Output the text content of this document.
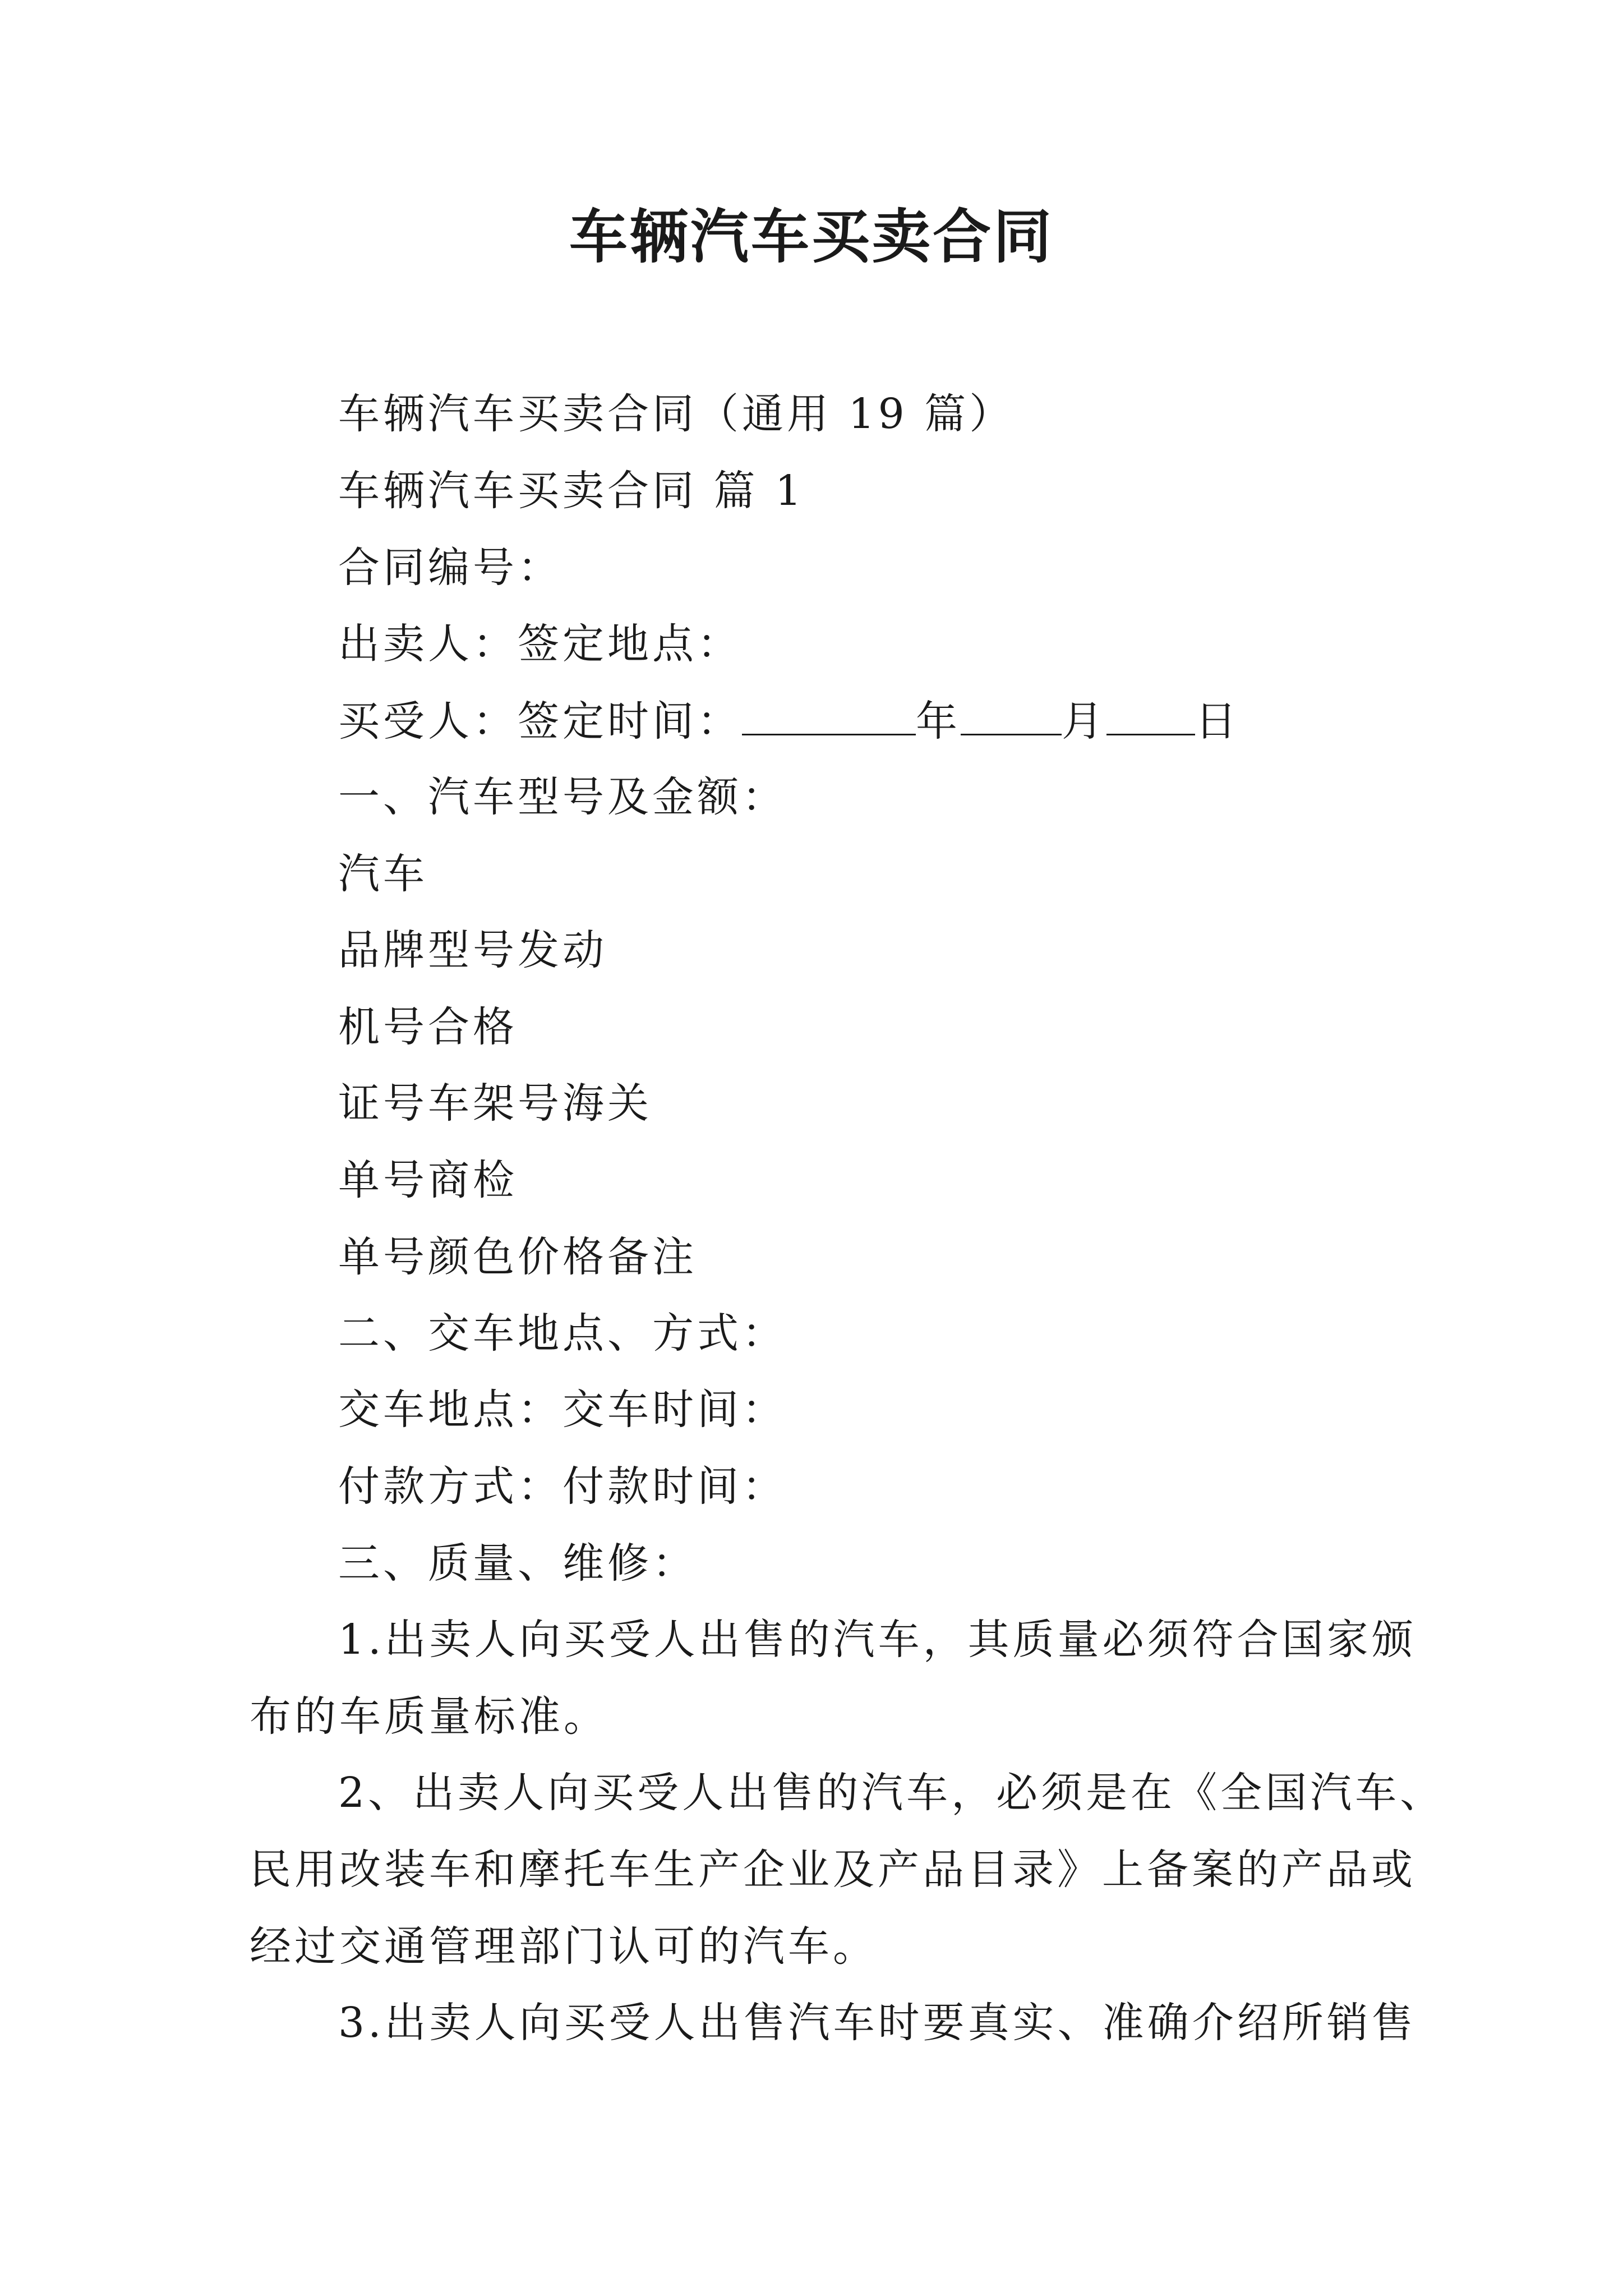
车辆汽车买卖合同
车辆汽车买卖合同（通用 19 篇）
车辆汽车买卖合同 篇 1
合同编号：
出卖人：签定地点：
买受人：签定时间：	年 月 日
一、汽车型号及金额：
汽车
品牌型号发动
机号合格
证号车架号海关
单号商检
单号颜色价格备注
二、交车地点、方式：
交车地点：交车时间：
付款方式：付款时间：
三、质量、维修：
1.出卖人向买受人出售的汽车，其质量必须符合国家颁
布的车质量标准。
2、出卖人向买受人出售的汽车，必须是在《全国汽车、
民用改装车和摩托车生产企业及产品目录》上备案的产品或
经过交通管理部门认可的汽车。
3.出卖人向买受人出售汽车时要真实、准确介绍所销售
